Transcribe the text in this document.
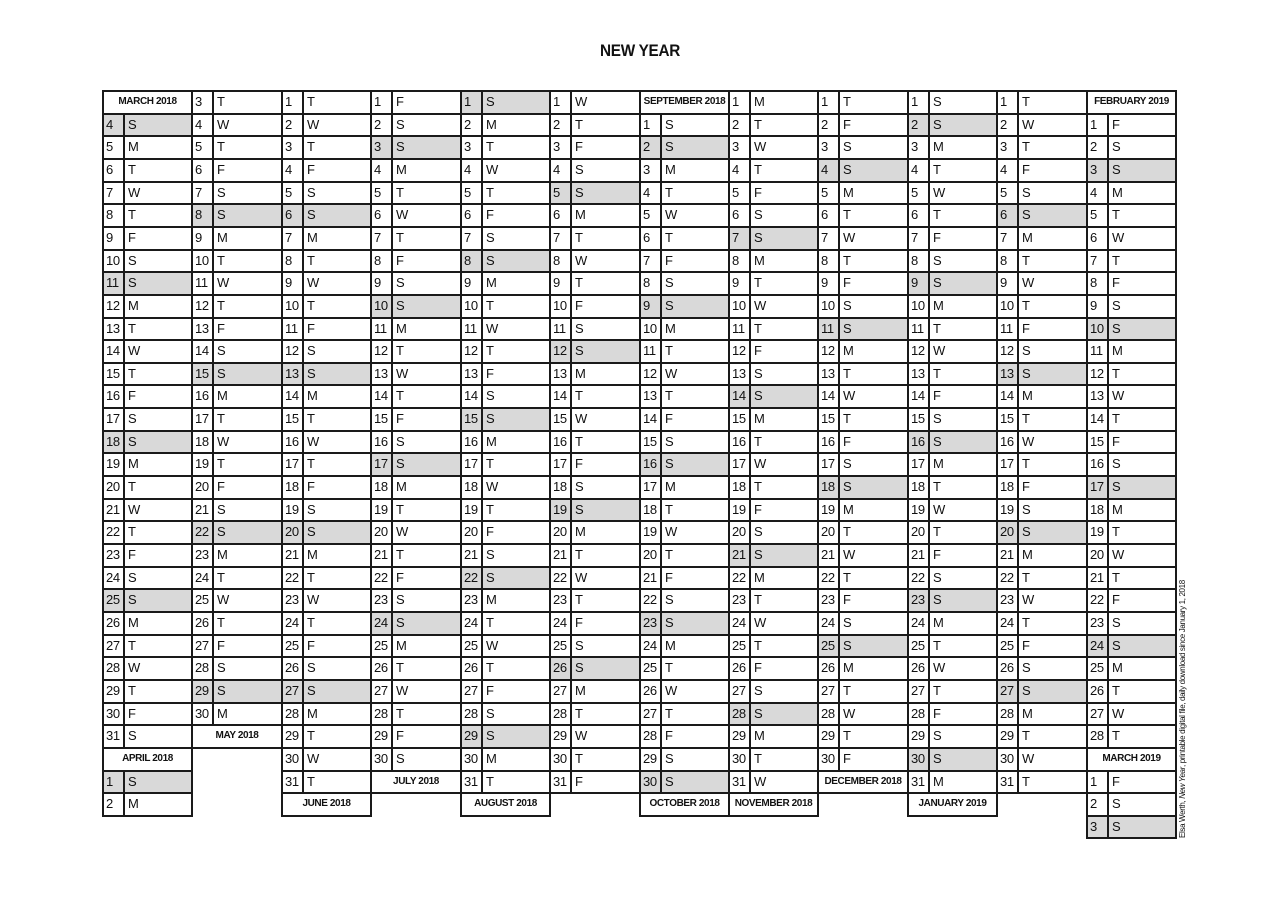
NEW YEAR
MARCH 2018
4	S
5	M
6	T
7	W
8	T
9	F
10 S
11 S
12 M
13 T
14 W
15 T
16 F
17 S
18 S
19 M
20 T
21 W
22 T
23 F
24 S
25 S
26 M
27 T
28 W
29 T
30 F
31 S
APRIL 2018
1	S
2	M
3	T
4	W
5	T
6	F
7	S
8	S
9	M
10 T
11 W
12 T
13 F
14 S
15 S
16 M
17 T
18 W
19 T
20 F
21 S
22 S
23 M
24 T
25 W
26 T
27 F
28 S
29 S
30 M
MAY 2018
1	T
2	W
3	T
4	F
5	S
6	S
7	M
8	T
9	W
10 T
11 F
12 S
13 S
14 M
15 T
16 W
17 T
18 F
19 S
20 S
21 M
22 T
23 W
24 T
25 F
26 S
27 S
28 M
29 T
30 W
31 T
JUNE 2018
1	F
2	S
3	S
4	M
5	T
6	W
7	T
8	F
9	S
10 S
11 M
12 T
13 W
14 T
15 F
16 S
17 S
18 M
19 T
20 W
21 T
22 F
23 S
24 S
25 M
26 T
27 W
28 T
29 F
30 S
JULY 2018
1	S
2	M
3	T
4	W
5	T
6	F
7	S
8	S
9	M
10 T
11 W
12 T
13 F
14 S
15 S
16 M
17 T
18 W
19 T
20 F
21 S
22 S
23 M
24 T
25 W
26 T
27 F
28 S
29 S
30 M
31 T
AUGUST 2018
1	W
2	T
3	F
4	S
5	S
6	M
7	T
8	W
9	T
10 F
11 S
12 S
13 M
14 T
15 W
16 T
17 F
18 S
19 S
20 M
21 T
22 W
23 T
24 F
25 S
26 S
27 M
28 T
29 W
30 T
31 F
SEPTEMBER 2018
1	S
2	S
3	M
4	T
5	W
6	T
7	F
8	S
9	S
10 M
11 T
12 W
13 T
14 F
15 S
16 S
17 M
18 T
19 W
20 T
21 F
22 S
23 S
24 M
25 T
26 W
27 T
28 F
29 S
30 S
OCTOBER 2018
1	M
2	T
3	W
4	T
5	F
6	S
7	S
8	M
9	T
10 W
11 T
12 F
13 S
14 S
15 M
16 T
17 W
18 T
19 F
20 S
21 S
22 M
23 T
24 W
25 T
26 F
27 S
28 S
29 M
30 T
31 W
NOVEMBER 2018
1	T
2	F
3	S
4	S
5	M
6	T
7	W
8	T
9	F
10 S
11 S
12 M
13 T
14 W
15 T
16 F
17 S
18 S
19 M
20 T
21 W
22 T
23 F
24 S
25 S
26 M
27 T
28 W
29 T
30 F
DECEMBER 2018
1	S
2	S
3	M
4	T
5	W
6	T
7	F
8	S
9	S
10 M
11 T
12 W
13 T
14 F
15 S
16 S
17 M
18 T
19 W
20 T
21 F
22 S
23 S
24 M
25 T
26 W
27 T
28 F
29 S
30 S
31 M
JANUARY 2019
1	T
2	W
3	T
4	F
5	S
6	S
7	M
8	T
9	W
10 T
11 F
12 S
13 S
14 M
15 T
16 W
17 T
18 F
19 S
20 S
21 M
22 T
23 W
24 T
25 F
26 S
27 S
28 M
29 T
30 W
31 T
FEBRUARY 2019
1	F
2	S
3	S
4	M
5	T
6	W
7	T
8	F
9	S
10 S
11 M
12 T
13 W
14 T
15 F
16 S
17 S
18 M
19 T
20 W
21 T
22 F
23 S
24 S
25 M
26 T
27 W
28 T
MARCH 2019
1	F
2	S
3	S	Elsa Werth, New Year, printable digital file, daily download since January 1, 2018
